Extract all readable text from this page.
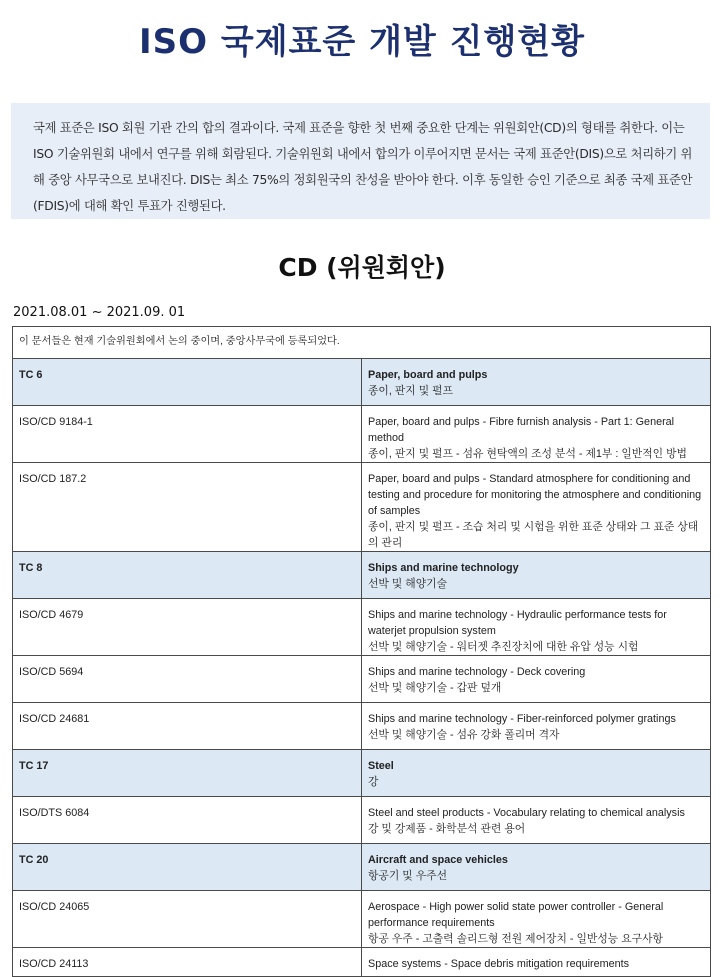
ISO 국제표준 개발 진행현황
국제 표준은 ISO 회원 기관 간의 합의 결과이다. 국제 표준을 향한 첫 번째 중요한 단계는 위원회안(CD)의 형태를 취한다. 이는 ISO 기술위원회 내에서 연구를 위해 회람된다. 기술위원회 내에서 합의가 이루어지면 문서는 국제 표준안(DIS)으로 처리하기 위해 중앙 사무국으로 보내진다. DIS는 최소 75%의 정회원국의 찬성을 받아야 한다. 이후 동일한 승인 기준으로 최종 국제 표준안(FDIS)에 대해 확인 투표가 진행된다.
CD (위원회안)
2021.08.01 ~ 2021.09. 01
이 문서들은 현재 기술위원회에서 논의 중이며, 중앙사무국에 등록되었다.	
TC 6	Paper, board and pulps
종이, 판지 및 펄프

ISO/CD 9184-1	Paper, board and pulps - Fibre furnish analysis - Part 1: General method
종이, 판지 및 펄프 - 섬유 현탁액의 조성 분석 - 제1부 : 일반적인 방법

ISO/CD 187.2	Paper, board and pulps - Standard atmosphere for conditioning and testing and procedure for monitoring the atmosphere and conditioning of samples
종이, 판지 및 펄프 - 조습 처리 및 시험을 위한 표준 상태와 그 표준 상태의 관리

TC 8	Ships and marine technology
선박 및 해양기술

ISO/CD 4679	Ships and marine technology - Hydraulic performance tests for waterjet propulsion system
선박 및 해양기술 - 워터젯 추진장치에 대한 유압 성능 시험

ISO/CD 5694	Ships and marine technology - Deck covering
선박 및 해양기술 - 갑판 덮개

ISO/CD 24681	Ships and marine technology - Fiber-reinforced polymer gratings
선박 및 해양기술 - 섬유 강화 폴리머 격자

TC 17	Steel
강

ISO/DTS 6084	Steel and steel products - Vocabulary relating to chemical analysis
강 및 강제품 - 화학분석 관련 용어

TC 20	Aircraft and space vehicles
항공기 및 우주선

ISO/CD 24065	Aerospace - High power solid state power controller - General performance requirements
항공 우주 - 고출력 솔리드형 전원 제어장치 - 일반성능 요구사항

ISO/CD 24113	Space systems - Space debris mitigation requirements
